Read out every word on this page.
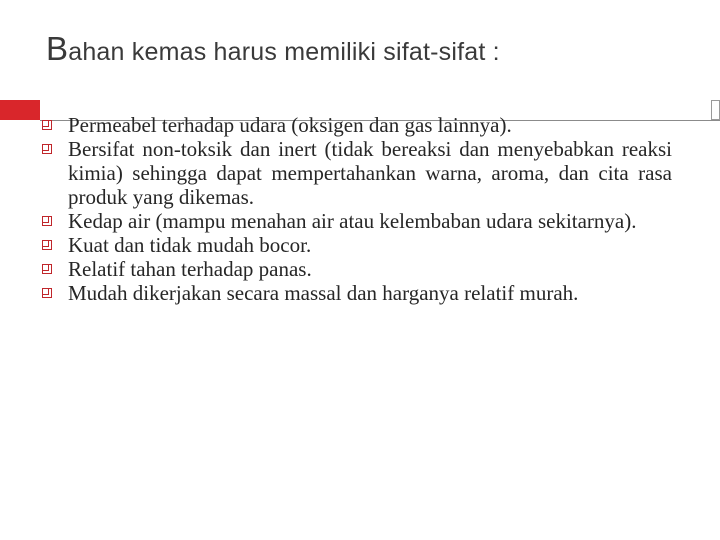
Bahan kemas harus memiliki sifat-sifat :
Permeabel terhadap udara (oksigen dan gas lainnya).
Bersifat non-toksik dan inert (tidak bereaksi dan menyebabkan reaksi kimia) sehingga dapat mempertahankan warna, aroma, dan cita rasa produk yang dikemas.
Kedap air (mampu menahan air atau kelembaban udara sekitarnya).
Kuat dan tidak mudah bocor.
Relatif tahan terhadap panas.
Mudah dikerjakan secara massal dan harganya relatif murah.
